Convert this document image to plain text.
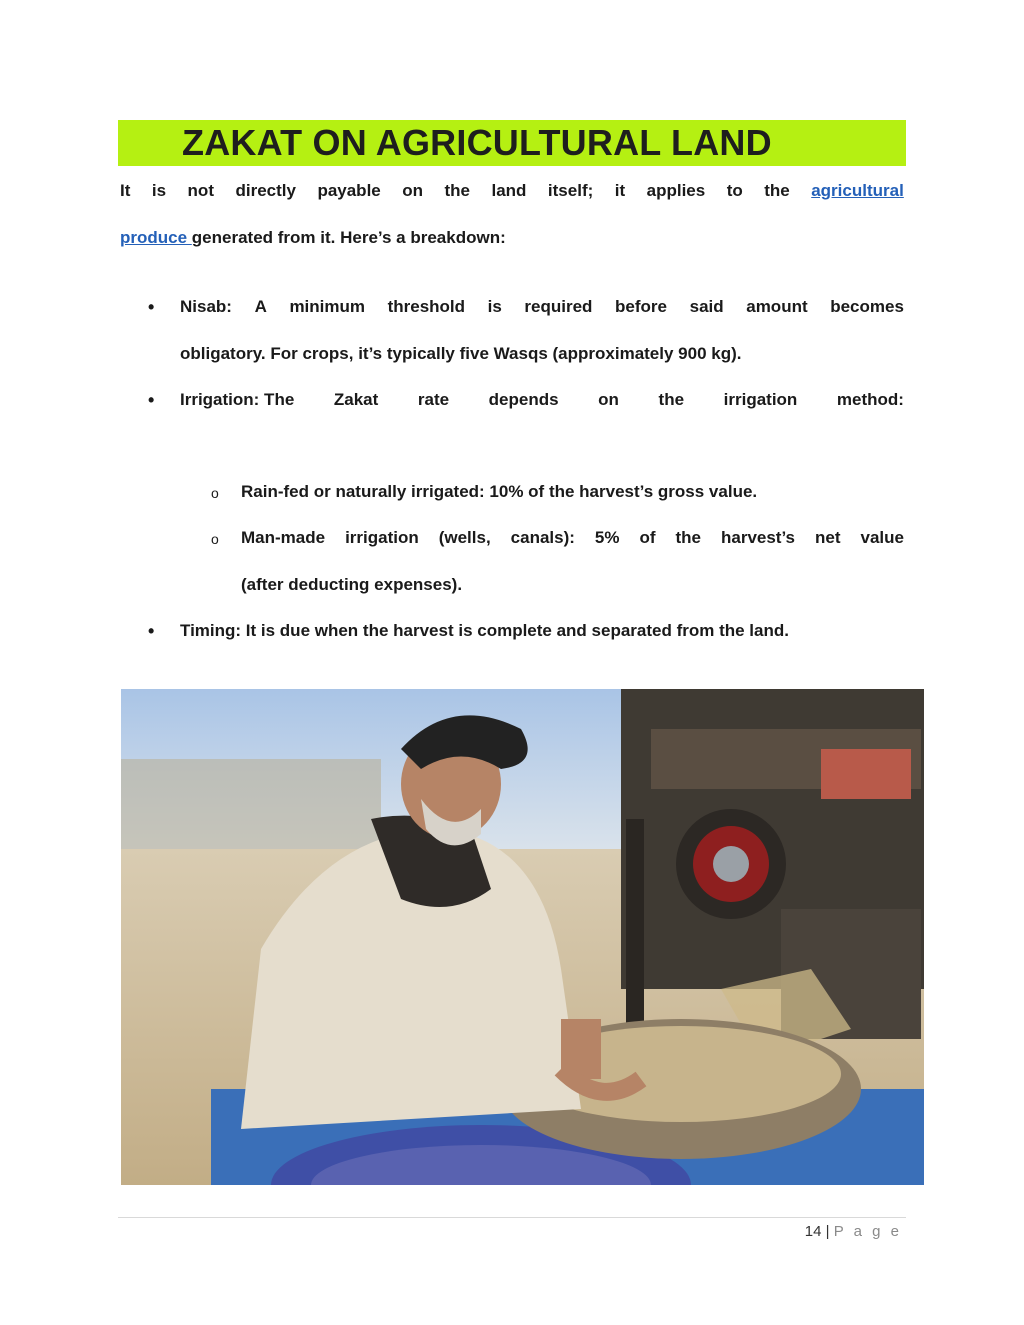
ZAKAT ON AGRICULTURAL LAND
It is not directly payable on the land itself; it applies to the agricultural
produce generated from it. Here’s a breakdown:
• Nisab: A minimum threshold is required before said amount becomes
obligatory. For crops, it’s typically five Wasqs (approximately 900 kg).
• Irrigation: The Zakat rate depends on the irrigation method:
o Rain-fed or naturally irrigated: 10% of the harvest’s gross value.
o Man-made irrigation (wells, canals): 5% of the harvest’s net value
(after deducting expenses).
• Timing: It is due when the harvest is complete and separated from the land.
14 | P a g e
